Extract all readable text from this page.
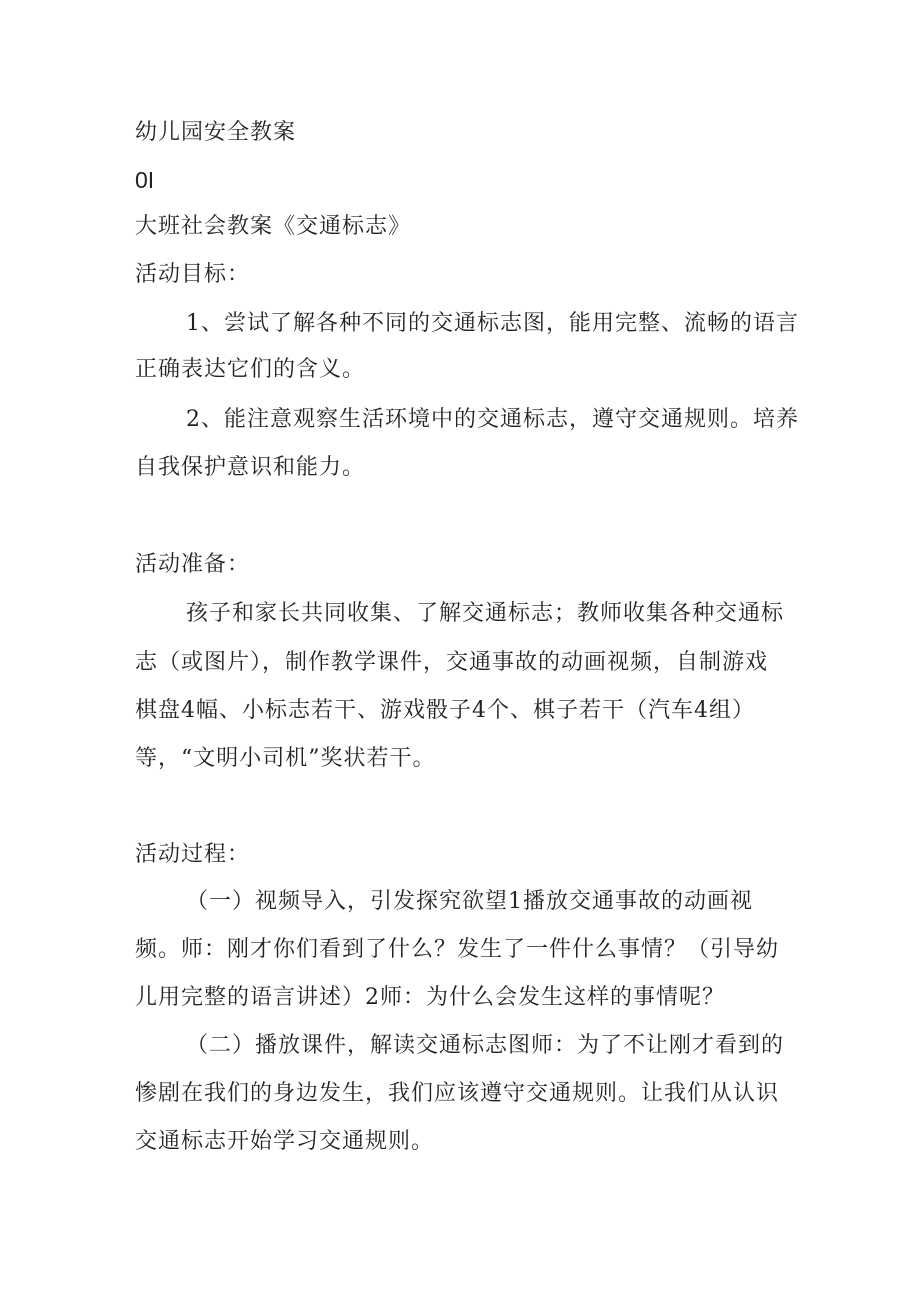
幼儿园安全教案
0I
大班社会教案《交通标志》
活动目标：
1、尝试了解各种不同的交通标志图，能用完整、流畅的语言
正确表达它们的含义。
2、能注意观察生活环境中的交通标志，遵守交通规则。培养
自我保护意识和能力。
活动准备：
孩子和家长共同收集、了解交通标志；教师收集各种交通标
志（或图片），制作教学课件，交通事故的动画视频，自制游戏
棋盘4幅、小标志若干、游戏骰子4个、棋子若干（汽车4组）
等，“文明小司机”奖状若干。
活动过程：
（一）视频导入，引发探究欲望1播放交通事故的动画视
频。师：刚才你们看到了什么？发生了一件什么事情？（引导幼
儿用完整的语言讲述）2师：为什么会发生这样的事情呢？
（二）播放课件，解读交通标志图师：为了不让刚才看到的
惨剧在我们的身边发生，我们应该遵守交通规则。让我们从认识
交通标志开始学习交通规则。
